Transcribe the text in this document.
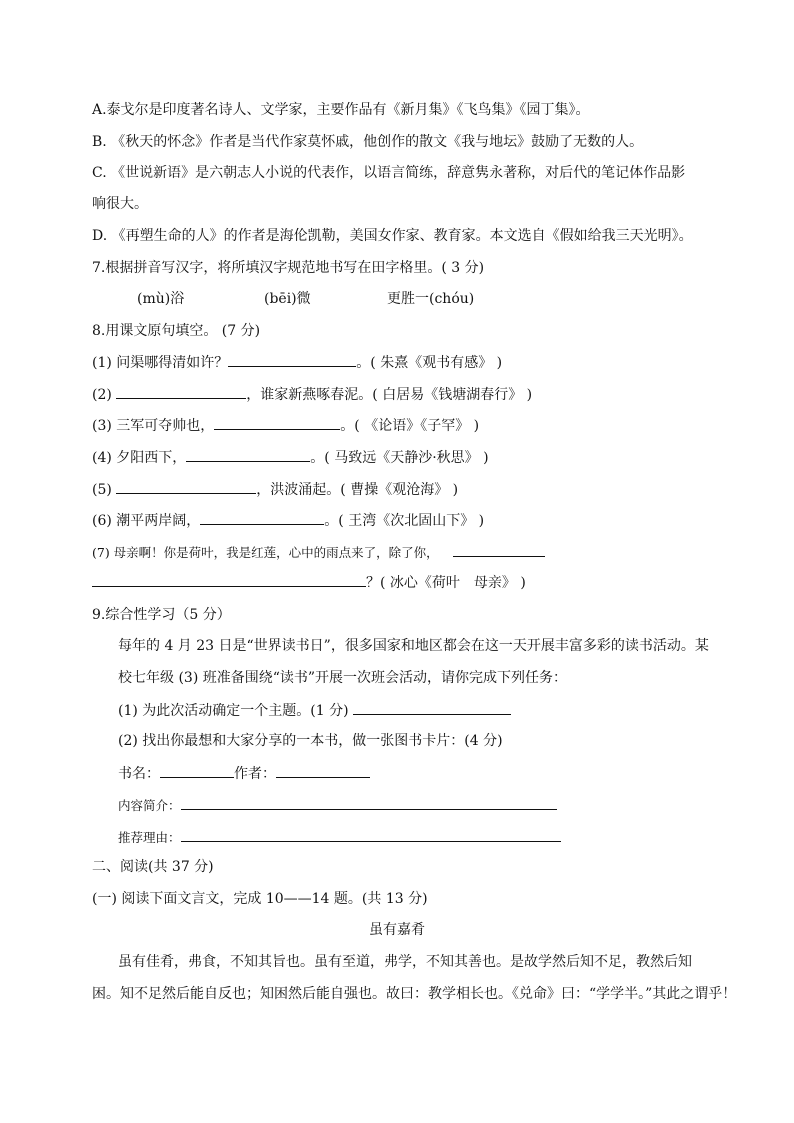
A.泰戈尔是印度著名诗人、文学家，主要作品有《新月集》《飞鸟集》《园丁集》。
B. 《秋天的怀念》作者是当代作家莫怀戚，他创作的散文《我与地坛》鼓励了无数的人。
C. 《世说新语》是六朝志人小说的代表作，以语言简练，辞意隽永著称，对后代的笔记体作品影
响很大。
D. 《再塑生命的人》的作者是海伦凯勒，美国女作家、教育家。本文选自《假如给我三天光明》。
7.根据拼音写汉字，将所填汉字规范地书写在田字格里。( 3 分)
(mù)浴	(bēi)微	更胜一(chóu)
8.用课文原句填空。 (7 分)
(1) 问渠哪得清如许？	。( 朱熹《观书有感》 )
(2)	，谁家新燕啄春泥。( 白居易《钱塘湖春行》 )
(3) 三军可夺帅也，	。( 《论语》《子罕》 )
(4) 夕阳西下，	。( 马致远《天静沙·秋思》 )
(5)	，洪波涌起。( 曹操《观沧海》 )
(6) 潮平两岸阔，	。( 王湾《次北固山下》 )
(7) 母亲啊！你是荷叶，我是红莲，心中的雨点来了，除了你，
？( 冰心《荷叶　母亲》 )
9.综合性学习（5 分）
每年的 4 月 23 日是“世界读书日”，很多国家和地区都会在这一天开展丰富多彩的读书活动。某
校七年级 (3) 班准备围绕“读书”开展一次班会活动，请你完成下列任务：
(1) 为此次活动确定一个主题。(1 分)
(2) 找出你最想和大家分享的一本书，做一张图书卡片：(4 分)
书名：	作者：
内容简介：
推荐理由：
二、阅读(共 37 分)
(一) 阅读下面文言文，完成 10——14 题。(共 13 分)
虽有嘉肴
虽有佳肴，弗食，不知其旨也。虽有至道，弗学，不知其善也。是故学然后知不足，教然后知
困。知不足然后能自反也；知困然后能自强也。故曰：教学相长也。《兑命》曰：“学学半。”其此之谓乎！
